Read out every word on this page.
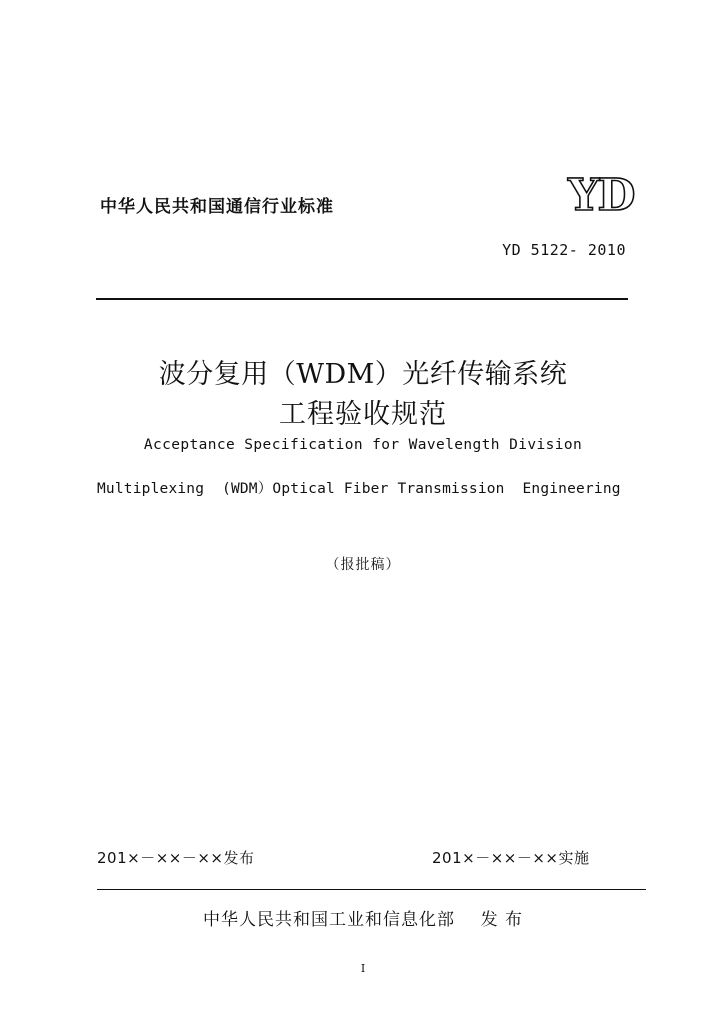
中华人民共和国通信行业标准	YD
YD 5122- 2010
波分复用（WDM）光纤传输系统
工程验收规范
Acceptance Specification for Wavelength Division
Multiplexing  (WDM）Optical Fiber Transmission  Engineering
（报批稿）
201×－××－××发布	201×－××－××实施
中华人民共和国工业和信息化部    发 布
I
